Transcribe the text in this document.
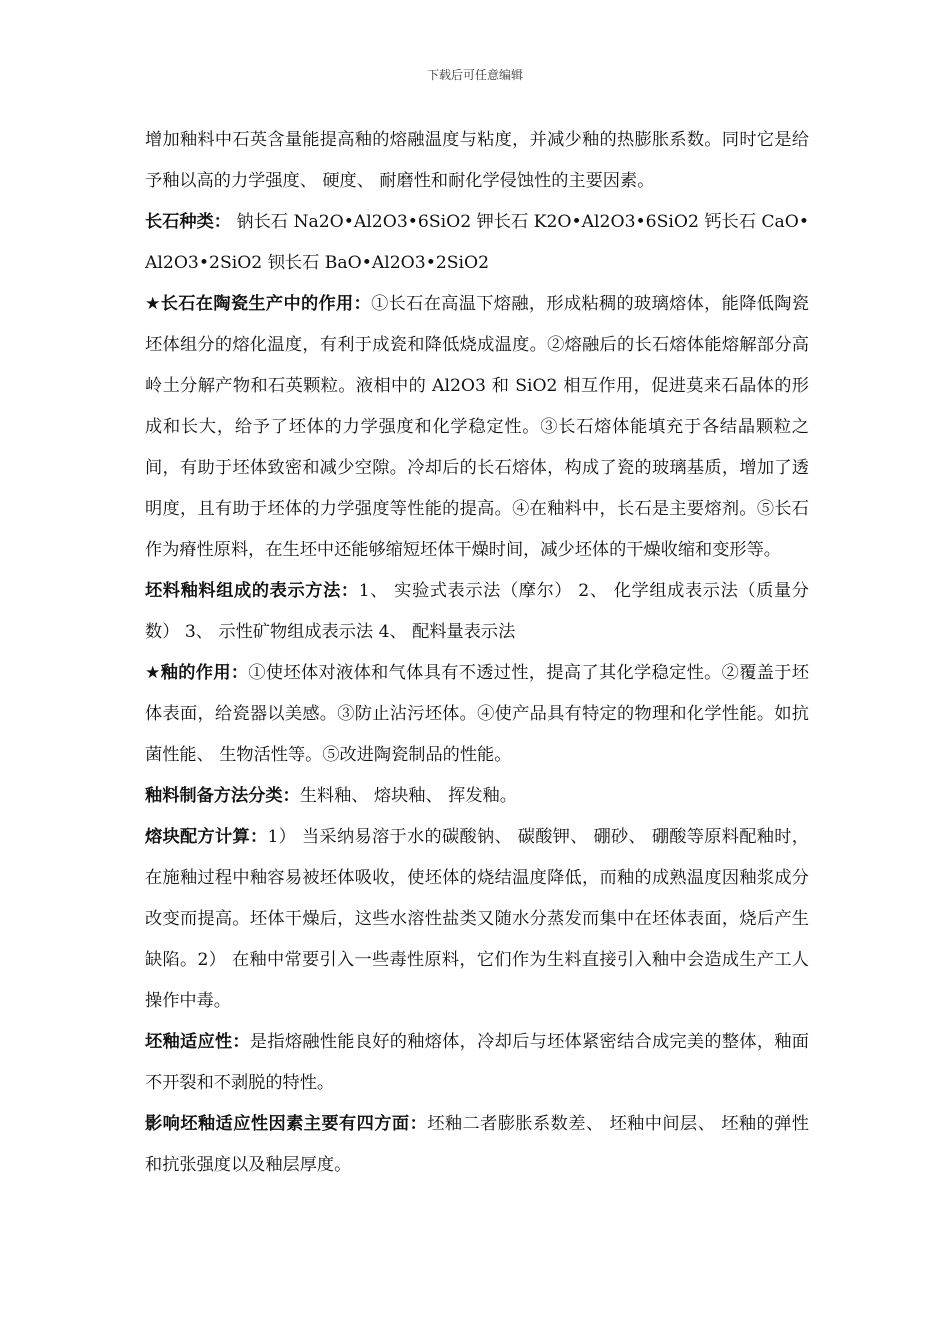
下载后可任意编辑

增加釉料中石英含量能提高釉的熔融温度与粘度，并减少釉的热膨胀系数。同时它是给予釉以高的力学强度、 硬度、 耐磨性和耐化学侵蚀性的主要因素。

长石种类： 钠长石 Na2O•Al2O3•6SiO2 钾长石 K2O•Al2O3•6SiO2 钙长石 CaO•Al2O3•2SiO2 钡长石 BaO•Al2O3•2SiO2

★长石在陶瓷生产中的作用：①长石在高温下熔融，形成粘稠的玻璃熔体，能降低陶瓷坯体组分的熔化温度，有利于成瓷和降低烧成温度。②熔融后的长石熔体能熔解部分高岭土分解产物和石英颗粒。液相中的 Al2O3 和 SiO2 相互作用，促进莫来石晶体的形成和长大，给予了坯体的力学强度和化学稳定性。③长石熔体能填充于各结晶颗粒之间，有助于坯体致密和减少空隙。冷却后的长石熔体，构成了瓷的玻璃基质，增加了透明度，且有助于坯体的力学强度等性能的提高。④在釉料中，长石是主要熔剂。⑤长石作为瘠性原料，在生坯中还能够缩短坯体干燥时间，减少坯体的干燥收缩和变形等。

坯料釉料组成的表示方法：1、 实验式表示法（摩尔） 2、 化学组成表示法（质量分数） 3、 示性矿物组成表示法 4、 配料量表示法

★釉的作用：①使坯体对液体和气体具有不透过性，提高了其化学稳定性。②覆盖于坯体表面，给瓷器以美感。③防止沾污坯体。④使产品具有特定的物理和化学性能。如抗菌性能、 生物活性等。⑤改进陶瓷制品的性能。

釉料制备方法分类：生料釉、 熔块釉、 挥发釉。

熔块配方计算：1） 当采纳易溶于水的碳酸钠、 碳酸钾、 硼砂、 硼酸等原料配釉时，在施釉过程中釉容易被坯体吸收，使坯体的烧结温度降低，而釉的成熟温度因釉浆成分改变而提高。坯体干燥后，这些水溶性盐类又随水分蒸发而集中在坯体表面，烧后产生缺陷。2） 在釉中常要引入一些毒性原料，它们作为生料直接引入釉中会造成生产工人操作中毒。

坯釉适应性：是指熔融性能良好的釉熔体，冷却后与坯体紧密结合成完美的整体，釉面不开裂和不剥脱的特性。

影响坯釉适应性因素主要有四方面：坯釉二者膨胀系数差、 坯釉中间层、 坯釉的弹性和抗张强度以及釉层厚度。
